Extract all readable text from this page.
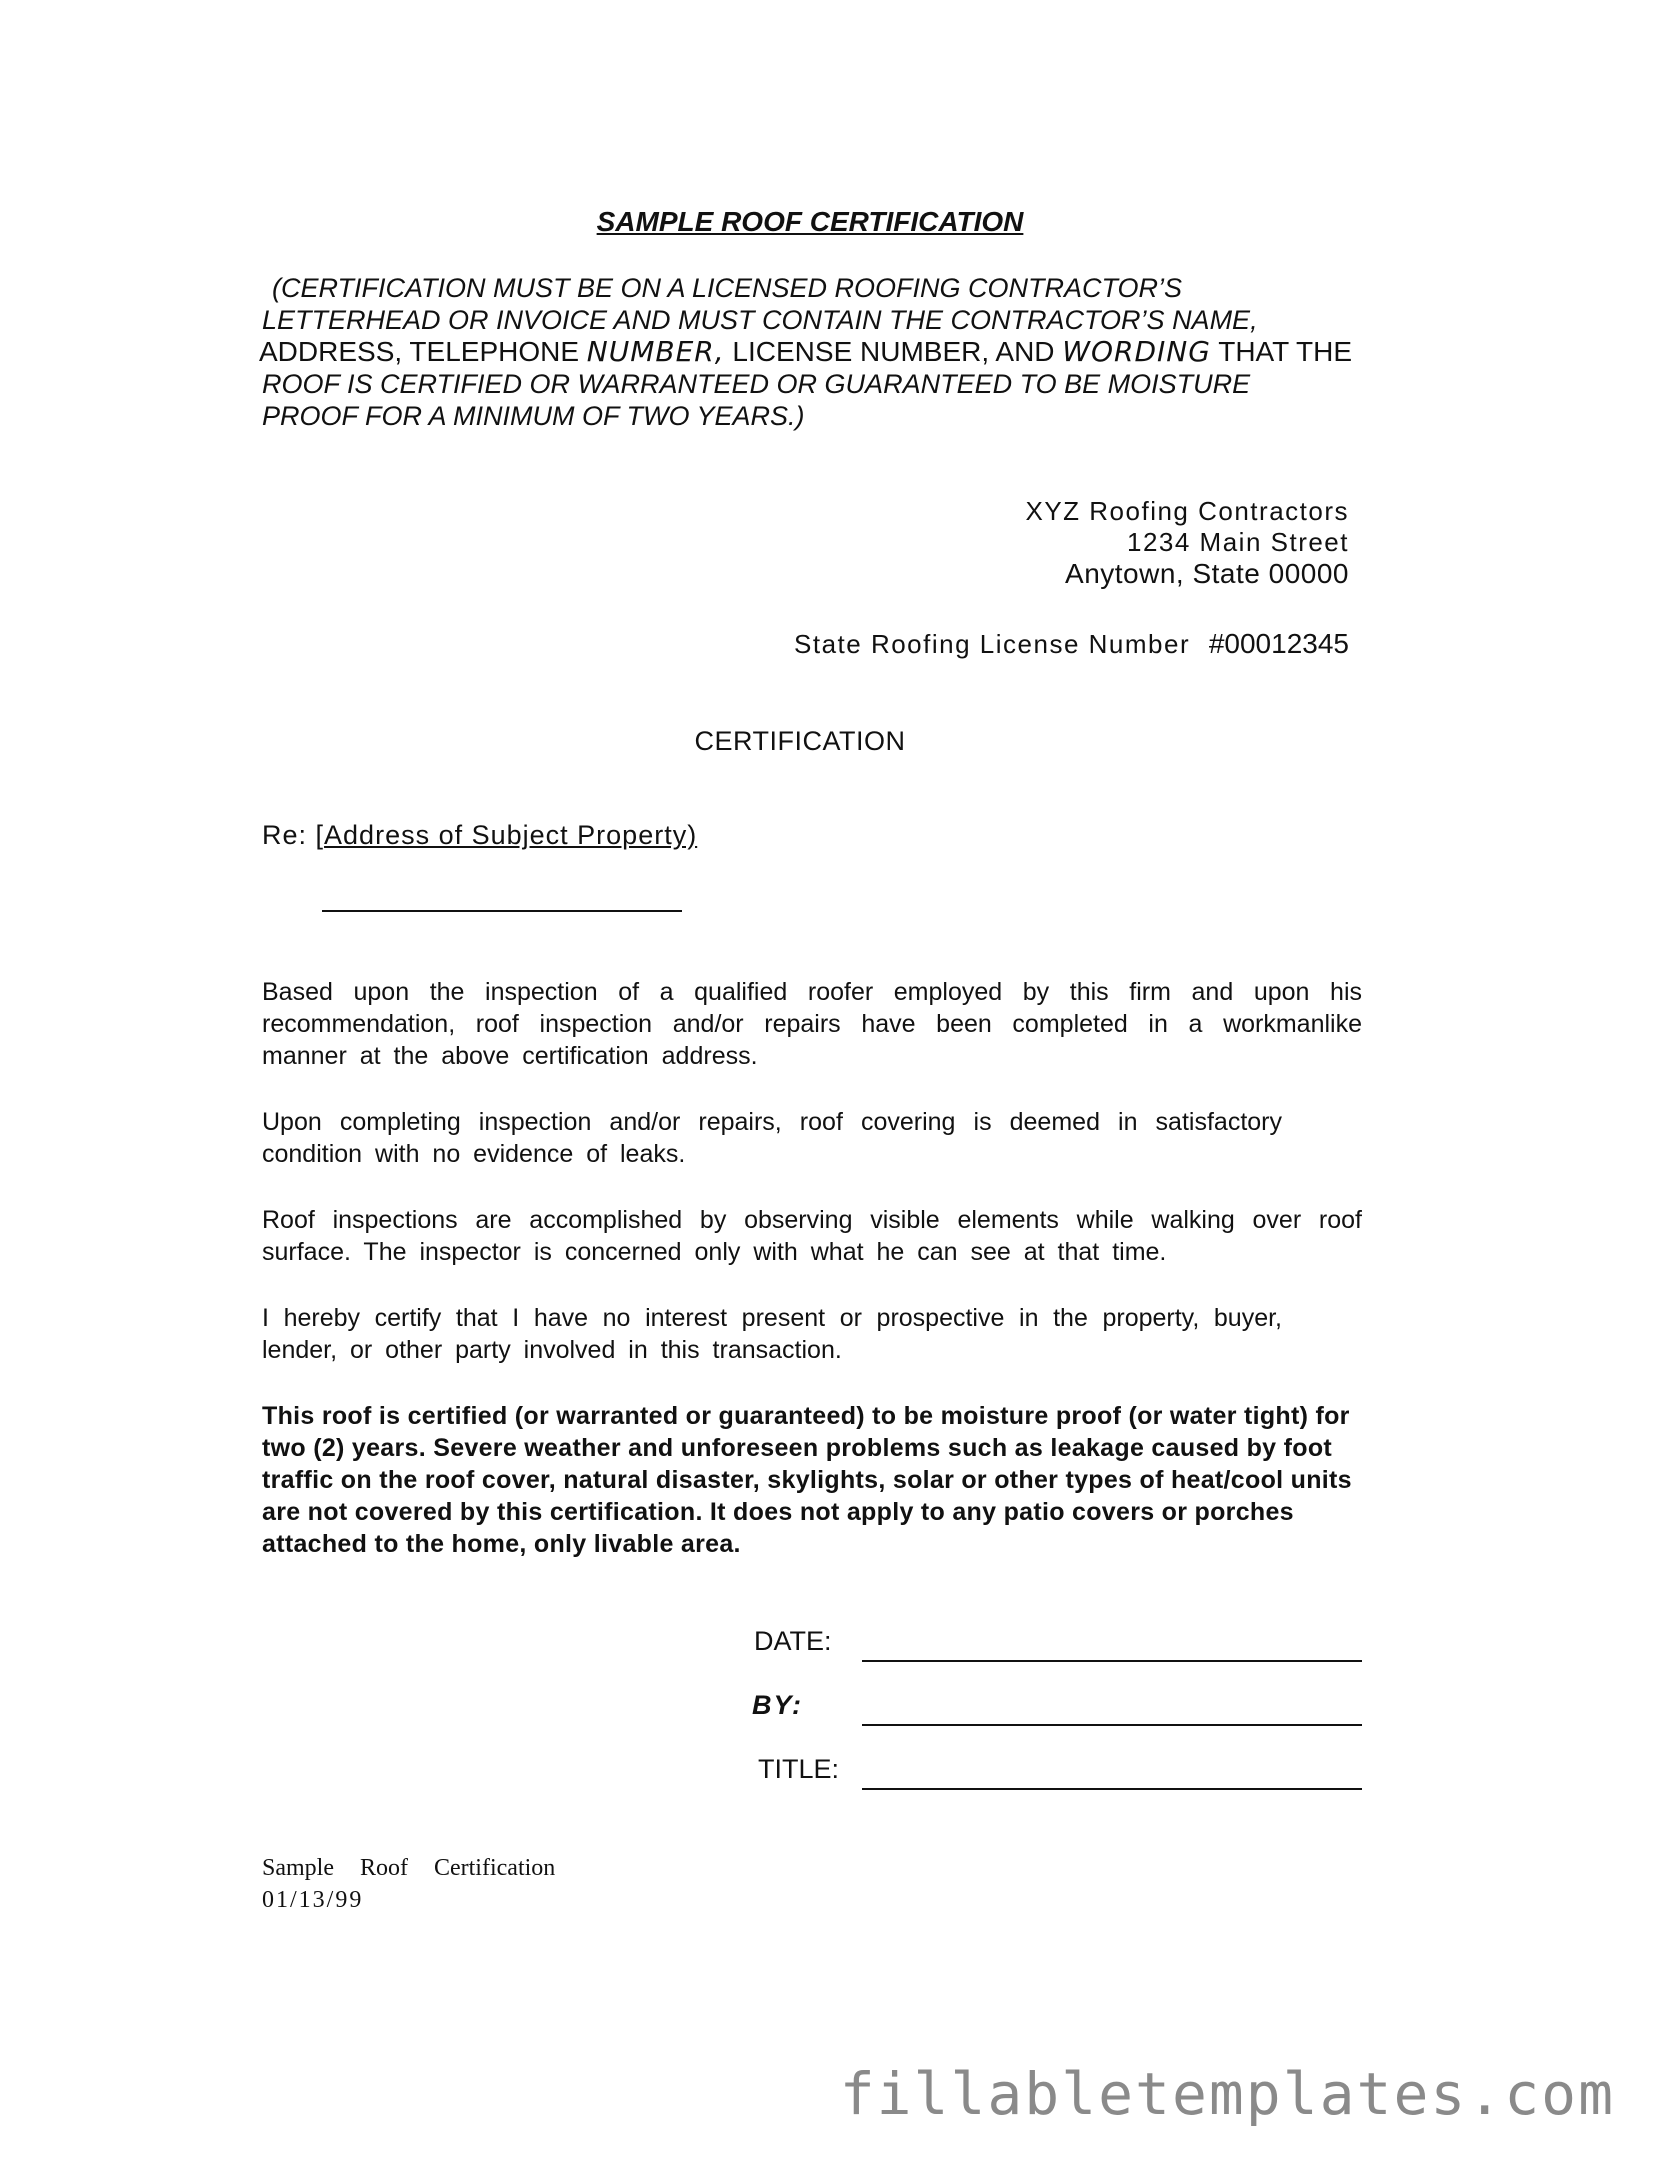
SAMPLE ROOF CERTIFICATION
(CERTIFICATION MUST BE ON A LICENSED ROOFING CONTRACTOR’S
LETTERHEAD OR INVOICE AND MUST CONTAIN THE CONTRACTOR’S NAME,
ADDRESS, TELEPHONE NUMBER, LICENSE NUMBER, AND WORDING THAT THE
ROOF IS CERTIFIED OR WARRANTEED OR GUARANTEED TO BE MOISTURE
PROOF FOR A MINIMUM OF TWO YEARS.)
XYZ Roofing Contractors
1234 Main Street
Anytown, State 00000
State Roofing License Number #00012345
CERTIFICATION
Re: [Address of Subject Property)
Based upon the inspection of a qualified roofer employed by this firm and upon his recommendation, roof inspection and/or repairs have been completed in a workmanlike manner at the above certification address.
Upon completing inspection and/or repairs, roof covering is deemed in satisfactory condition with no evidence of leaks.
Roof inspections are accomplished by observing visible elements while walking over roof surface. The inspector is concerned only with what he can see at that time.
I hereby certify that I have no interest present or prospective in the property, buyer, lender, or other party involved in this transaction.
This roof is certified (or warranted or guaranteed) to be moisture proof (or water tight) for two (2) years. Severe weather and unforeseen problems such as leakage caused by foot traffic on the roof cover, natural disaster, skylights, solar or other types of heat/cool units are not covered by this certification. It does not apply to any patio covers or porches attached to the home, only livable area.
DATE:
BY:
TITLE:
Sample Roof Certification
01/13/99
fillabletemplates.com
